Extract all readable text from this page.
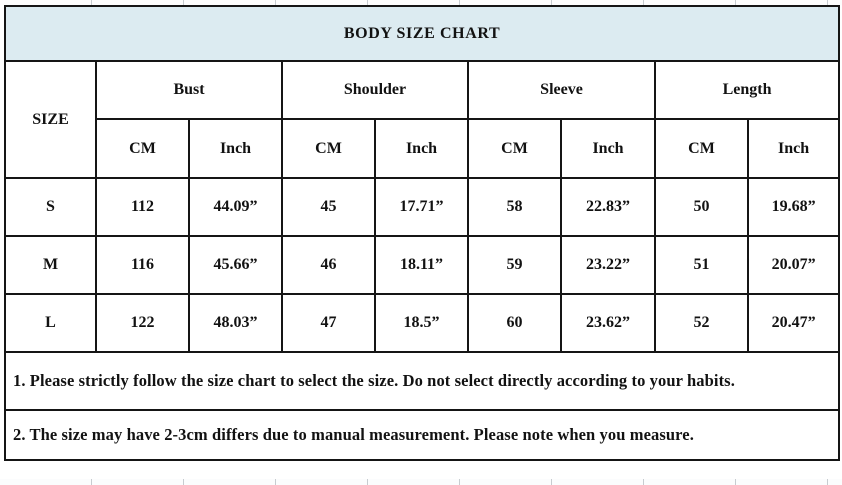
BODY SIZE CHART								
SIZE	Bust		Shoulder		Sleeve		Length	
	CM	Inch	CM	Inch	CM	Inch	CM	Inch
S	112	44.09”	45	17.71”	58	22.83”	50	19.68”
M	116	45.66”	46	18.11”	59	23.22”	51	20.07”
L	122	48.03”	47	18.5”	60	23.62”	52	20.47”
1. Please strictly follow the size chart to select the size. Do not select directly according to your habits.								
2. The size may have 2-3cm differs due to manual measurement. Please note when you measure.								
